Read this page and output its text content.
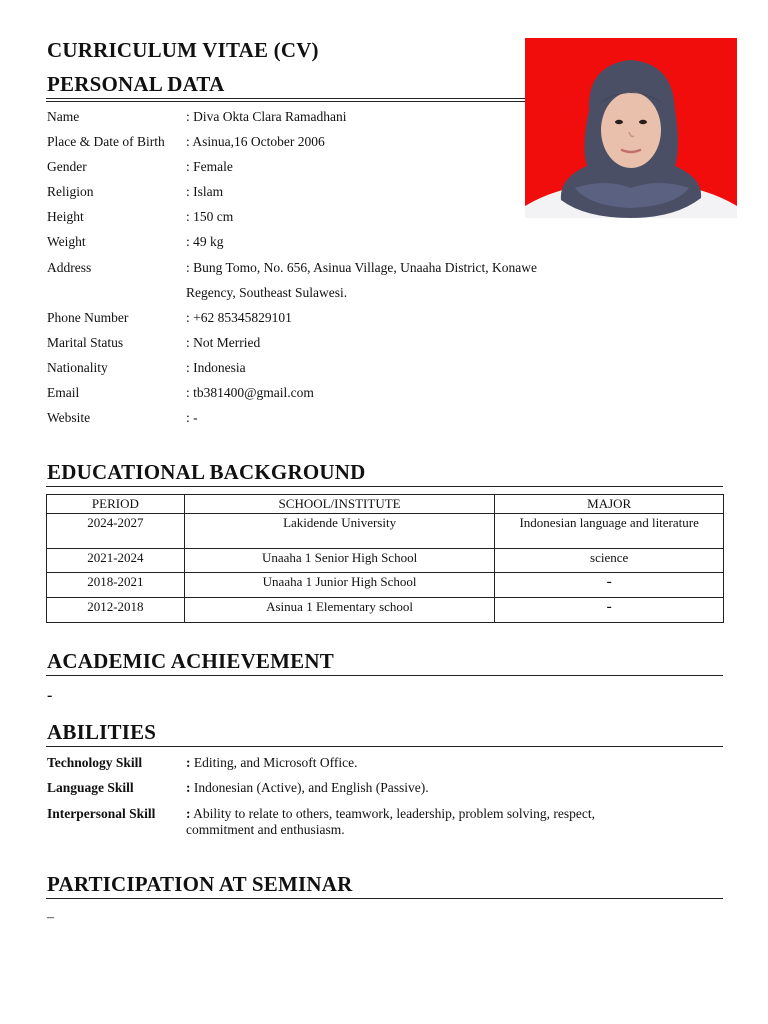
CURRICULUM VITAE (CV)
PERSONAL DATA
Name	: Diva Okta Clara Ramadhani
Place & Date of Birth : Asinua,16 October 2006
Gender	: Female
Religion	: Islam
Height	: 150 cm
Weight	: 49 kg
Address	: Bung Tomo, No. 656, Asinua Village, Unaaha District, Konawe
Regency, Southeast Sulawesi.
Phone Number	: +62 85345829101
Marital Status	: Not Merried
Nationality	: Indonesia
Email	: tb381400@gmail.com
Website	: -
EDUCATIONAL BACKGROUND
PERIOD	SCHOOL/INSTITUTE	MAJOR
2024-2027	Lakidende University	Indonesian language and literature
2021-2024	Unaaha 1 Senior High School	science
2018-2021	Unaaha 1 Junior High School	-
2012-2018	Asinua 1 Elementary school	-
ACADEMIC ACHIEVEMENT
-
ABILITIES
Technology Skill	: Editing, and Microsoft Office.
Language Skill	: Indonesian (Active), and English (Passive).
Interpersonal Skill : Ability to relate to others, teamwork, leadership, problem solving, respect,
commitment and enthusiasm.
PARTICIPATION AT SEMINAR
–
